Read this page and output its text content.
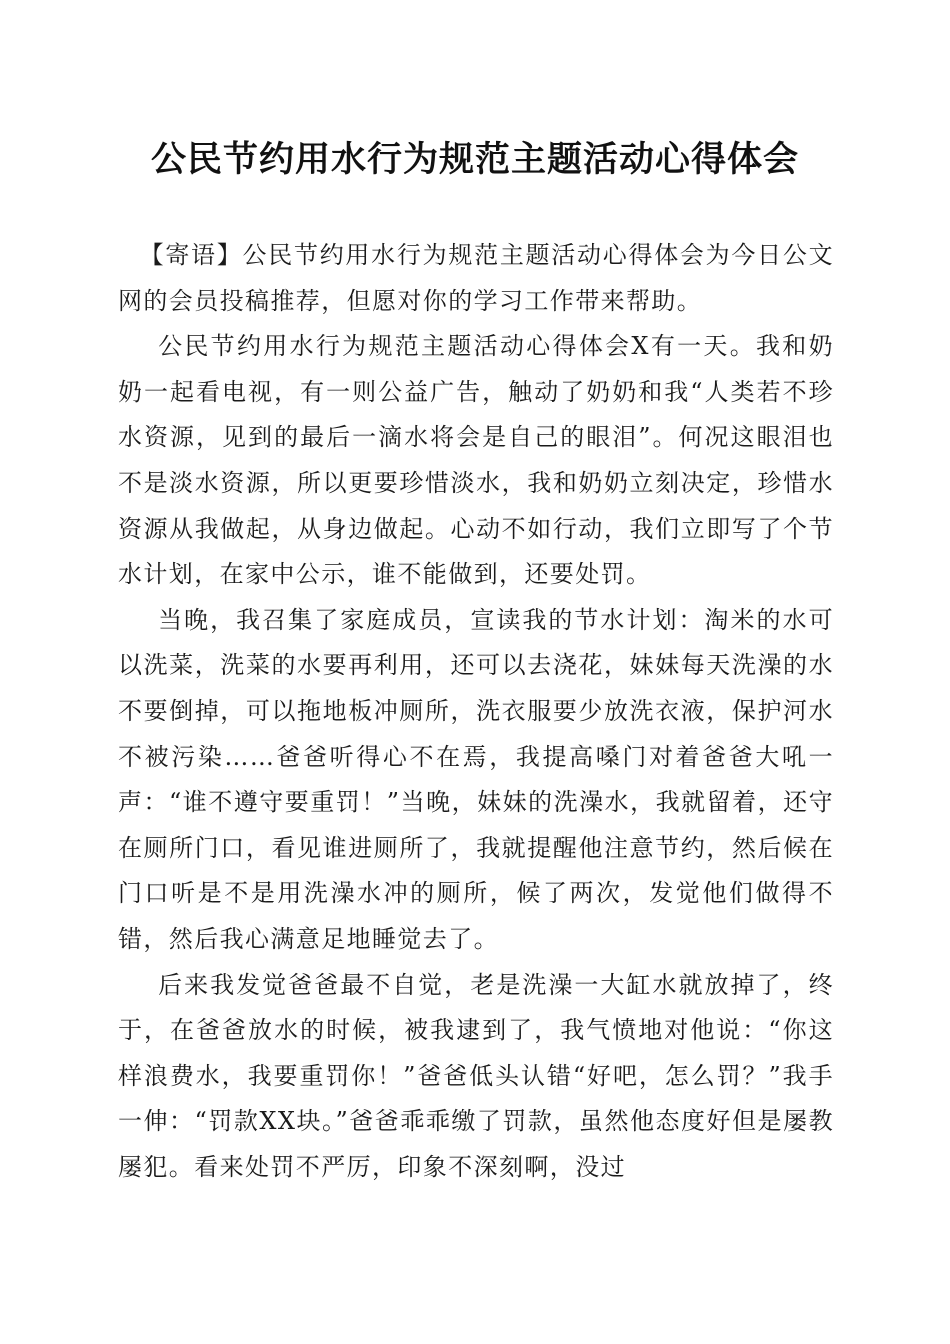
公民节约用水行为规范主题活动心得体会

【寄语】公民节约用水行为规范主题活动心得体会为今日公文网的会员投稿推荐，但愿对你的学习工作带来帮助。

公民节约用水行为规范主题活动心得体会X有一天。我和奶奶一起看电视，有一则公益广告，触动了奶奶和我“人类若不珍水资源，见到的最后一滴水将会是自己的眼泪”。何况这眼泪也不是淡水资源，所以更要珍惜淡水，我和奶奶立刻决定，珍惜水资源从我做起，从身边做起。心动不如行动，我们立即写了个节水计划，在家中公示，谁不能做到，还要处罚。

当晚，我召集了家庭成员，宣读我的节水计划：淘米的水可以洗菜，洗菜的水要再利用，还可以去浇花，妹妹每天洗澡的水不要倒掉，可以拖地板冲厕所，洗衣服要少放洗衣液，保护河水不被污染……爸爸听得心不在焉，我提高嗓门对着爸爸大吼一声：“谁不遵守要重罚！”当晚，妹妹的洗澡水，我就留着，还守在厕所门口，看见谁进厕所了，我就提醒他注意节约，然后候在门口听是不是用洗澡水冲的厕所，候了两次，发觉他们做得不错，然后我心满意足地睡觉去了。

后来我发觉爸爸最不自觉，老是洗澡一大缸水就放掉了，终于，在爸爸放水的时候，被我逮到了，我气愤地对他说：“你这样浪费水，我要重罚你！”爸爸低头认错“好吧，怎么罚？”我手一伸：“罚款XX块。”爸爸乖乖缴了罚款，虽然他态度好但是屡教屡犯。看来处罚不严厉，印象不深刻啊，没过
